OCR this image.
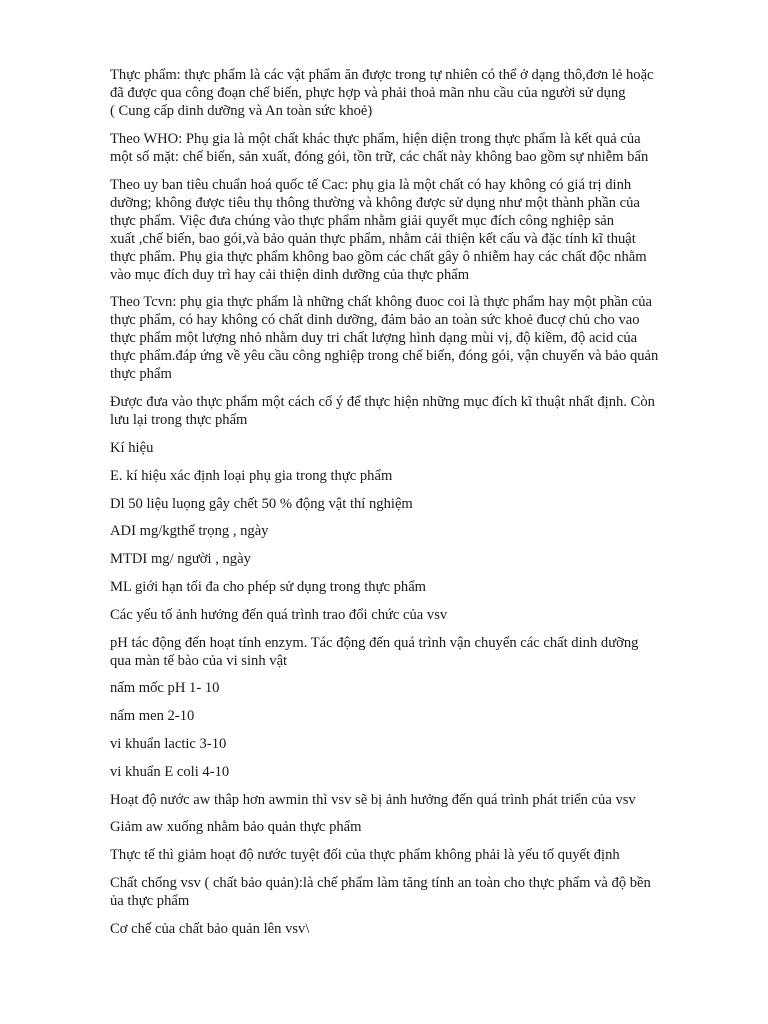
Thực phẩm: thực phẩm là các vật phẩm ăn được trong tự nhiên có thể ở dạng thô,đơn lẻ hoặc
đã được qua công đoạn chế biến, phực hợp và phải thoả mãn nhu cầu của người sử dụng
( Cung cấp dinh dưỡng và An toàn sức khoẻ)
Theo WHO: Phụ gia là một chất khác thực phẩm, hiện diện trong thực phẩm là kết quả của
một số mặt: chế biến, sản xuất, đóng gói, tồn trữ, các chất này không bao gồm sự nhiễm bẩn
Theo uy ban tiêu chuẩn hoá quốc tế Cac: phụ gia là một chất có hay không có giá trị dinh
dưỡng; không được tiêu thụ thông thường và không được sử dụng như một thành phần của
thực phẩm. Việc đưa chúng vào thực phẩm nhằm giải quyết mục đích công nghiệp sản
xuất ,chế biến, bao gói,và bảo quản thực phẩm, nhằm cải thiện kết cấu và đặc tính kĩ thuật
thực phẩm. Phụ gia thực phẩm không bao gồm các chất gây ô nhiễm hay các chất độc nhằm
vào mục đích duy trì hay cải thiện dinh dưỡng của thực phẩm
Theo Tcvn: phụ gia thực phẩm là những chất không đuoc coi là thực phẩm hay một phần của
thực phẩm, có hay không có chất dinh dưỡng, đảm bảo an toàn sức khoẻ đucợ chủ cho vao
thực phẩm một lượng nhỏ nhằm duy tri chất lượng hình dạng mùi vị, độ kiềm, độ acid của
thực phẩm.đáp ứng về yêu cầu công nghiệp trong chế biến, đóng gói, vận chuyển và bảo quản
thực phẩm
Được đưa vào thực phẩm một cách cố ý để thực hiện những mục đích kĩ thuật nhất định. Còn
lưu lại trong thực phẩm
Kí hiệu
E. kí hiệu xác định loại phụ gia trong thực phẩm
Dl 50 liệu luọng gây chết 50 % động vật thí nghiệm
ADI mg/kgthể trọng , ngày
MTDI mg/ người , ngày
ML giới hạn tối đa cho phép sử dụng trong thực phẩm
Các yếu tố ảnh hưởng đến quá trình trao đổi chức của vsv
pH tác động đến hoạt tính enzym. Tác động đến quá trình vận chuyển các chất dinh dưỡng
qua màn tế bào của vi sinh vật
nấm mốc pH 1- 10
nấm men 2-10
vi khuẩn lactic 3-10
vi khuẩn E coli 4-10
Hoạt độ nước aw thâp hơn awmin thì vsv sẽ bị ảnh hưởng đến quá trình phát triển của vsv
Giảm aw xuống nhằm bảo quản thực phẩm
Thực tế thì giảm hoạt độ nước tuyệt đối của thực phẩm không phải là yếu tố quyết định
Chất chống vsv ( chất bảo quản):là chế phẩm làm tăng tính an toàn cho thực phẩm và độ bền
ủa thực phẩm
Cơ chế của chất bảo quản lên vsv\
